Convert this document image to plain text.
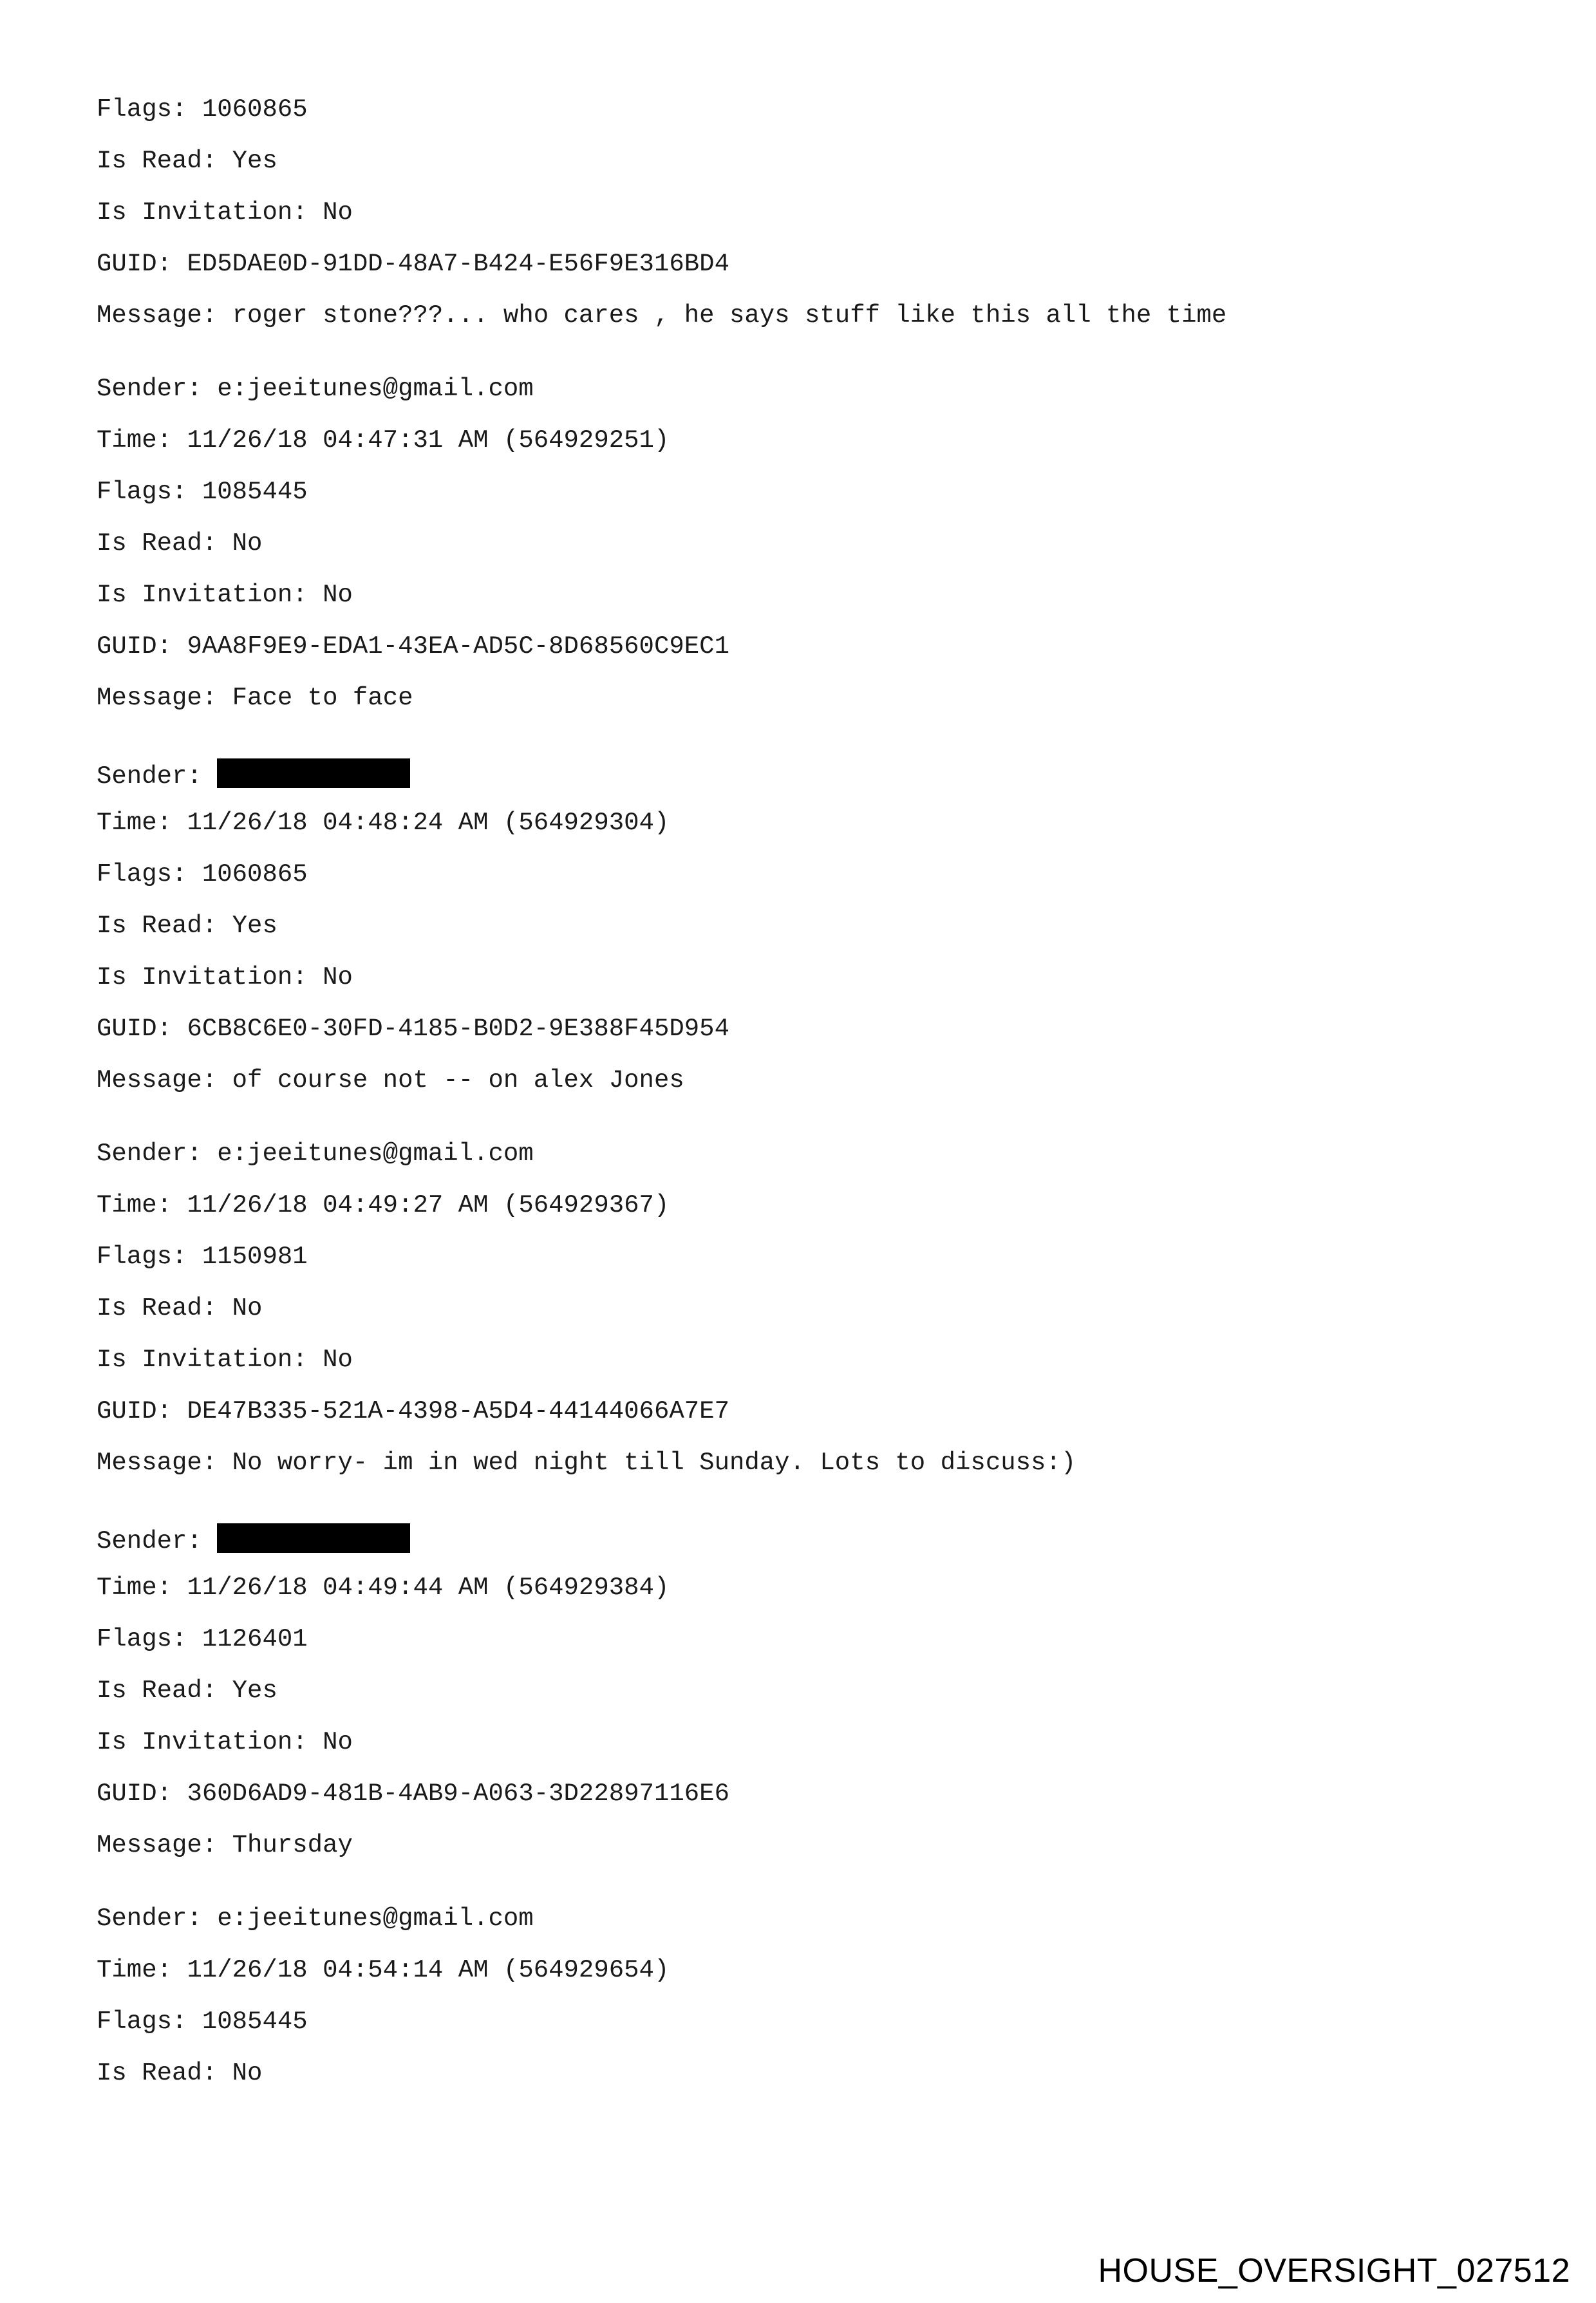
Flags: 1060865
Is Read: Yes
Is Invitation: No
GUID: ED5DAE0D-91DD-48A7-B424-E56F9E316BD4
Message: roger stone???... who cares , he says stuff like this all the time
Sender: e:jeeitunes@gmail.com
Time: 11/26/18 04:47:31 AM (564929251)
Flags: 1085445
Is Read: No
Is Invitation: No
GUID: 9AA8F9E9-EDA1-43EA-AD5C-8D68560C9EC1
Message: Face to face
Sender:
Time: 11/26/18 04:48:24 AM (564929304)
Flags: 1060865
Is Read: Yes
Is Invitation: No
GUID: 6CB8C6E0-30FD-4185-B0D2-9E388F45D954
Message: of course not -- on alex Jones
Sender: e:jeeitunes@gmail.com
Time: 11/26/18 04:49:27 AM (564929367)
Flags: 1150981
Is Read: No
Is Invitation: No
GUID: DE47B335-521A-4398-A5D4-44144066A7E7
Message: No worry- im in wed night till Sunday. Lots to discuss:)
Sender:
Time: 11/26/18 04:49:44 AM (564929384)
Flags: 1126401
Is Read: Yes
Is Invitation: No
GUID: 360D6AD9-481B-4AB9-A063-3D22897116E6
Message: Thursday
Sender: e:jeeitunes@gmail.com
Time: 11/26/18 04:54:14 AM (564929654)
Flags: 1085445
Is Read: No
HOUSE_OVERSIGHT_027512
